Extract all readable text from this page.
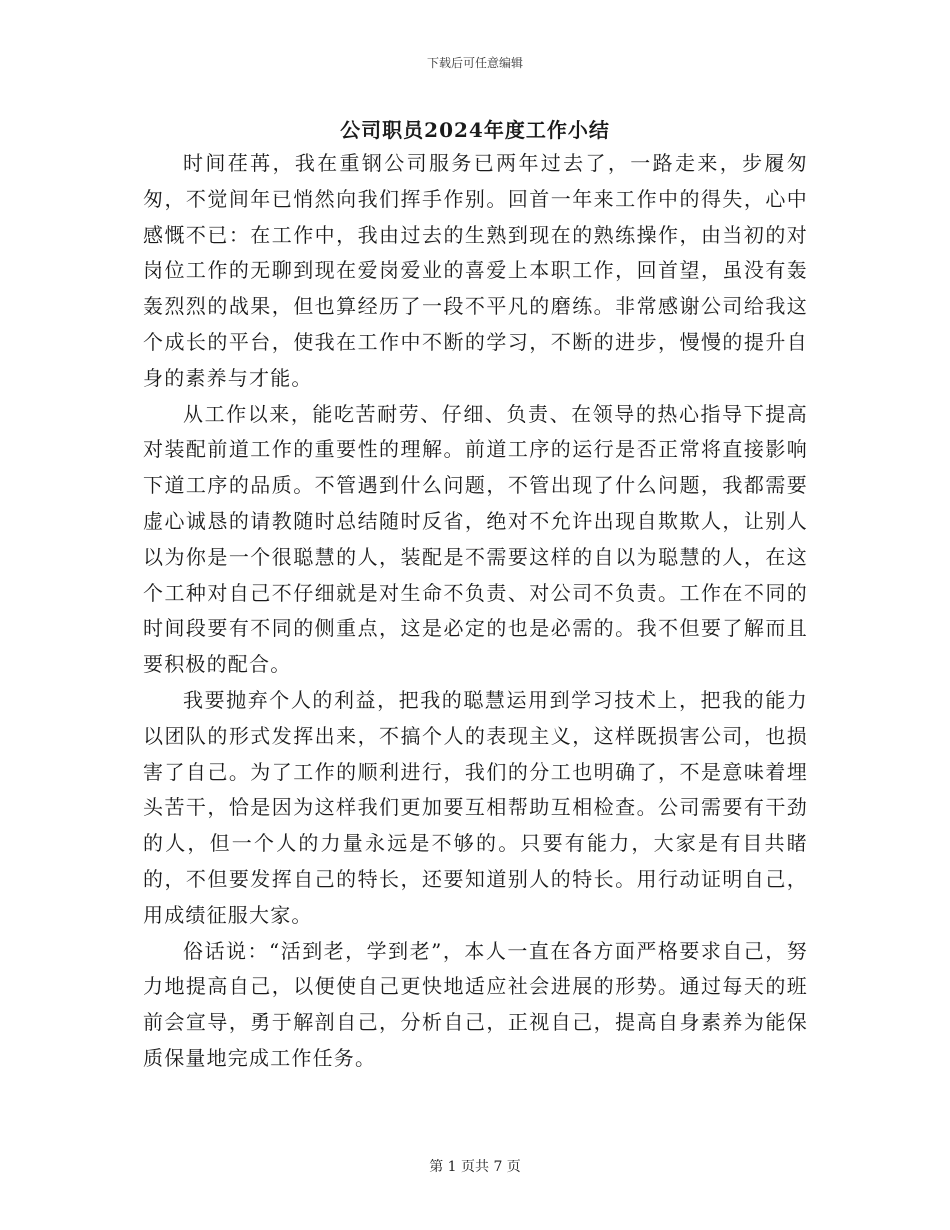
下载后可任意编辑
公司职员2024年度工作小结

时间荏苒，我在重钢公司服务已两年过去了，一路走来，步履匆匆，不觉间年已悄然向我们挥手作别。回首一年来工作中的得失，心中感慨不已：在工作中，我由过去的生熟到现在的熟练操作，由当初的对岗位工作的无聊到现在爱岗爱业的喜爱上本职工作，回首望，虽没有轰轰烈烈的战果，但也算经历了一段不平凡的磨练。非常感谢公司给我这个成长的平台，使我在工作中不断的学习，不断的进步，慢慢的提升自身的素养与才能。

从工作以来，能吃苦耐劳、仔细、负责、在领导的热心指导下提高对装配前道工作的重要性的理解。前道工序的运行是否正常将直接影响下道工序的品质。不管遇到什么问题，不管出现了什么问题，我都需要虚心诚恳的请教随时总结随时反省，绝对不允许出现自欺欺人，让别人以为你是一个很聪慧的人，装配是不需要这样的自以为聪慧的人，在这个工种对自己不仔细就是对生命不负责、对公司不负责。工作在不同的时间段要有不同的侧重点，这是必定的也是必需的。我不但要了解而且要积极的配合。

我要抛弃个人的利益，把我的聪慧运用到学习技术上，把我的能力以团队的形式发挥出来，不搞个人的表现主义，这样既损害公司，也损害了自己。为了工作的顺利进行，我们的分工也明确了，不是意味着埋头苦干，恰是因为这样我们更加要互相帮助互相检查。公司需要有干劲的人，但一个人的力量永远是不够的。只要有能力，大家是有目共睹的，不但要发挥自己的特长，还要知道别人的特长。用行动证明自己，用成绩征服大家。

俗话说：“活到老，学到老”，本人一直在各方面严格要求自己，努力地提高自己，以便使自己更快地适应社会进展的形势。通过每天的班前会宣导，勇于解剖自己，分析自己，正视自己，提高自身素养为能保质保量地完成工作任务。

第 1 页共 7 页
